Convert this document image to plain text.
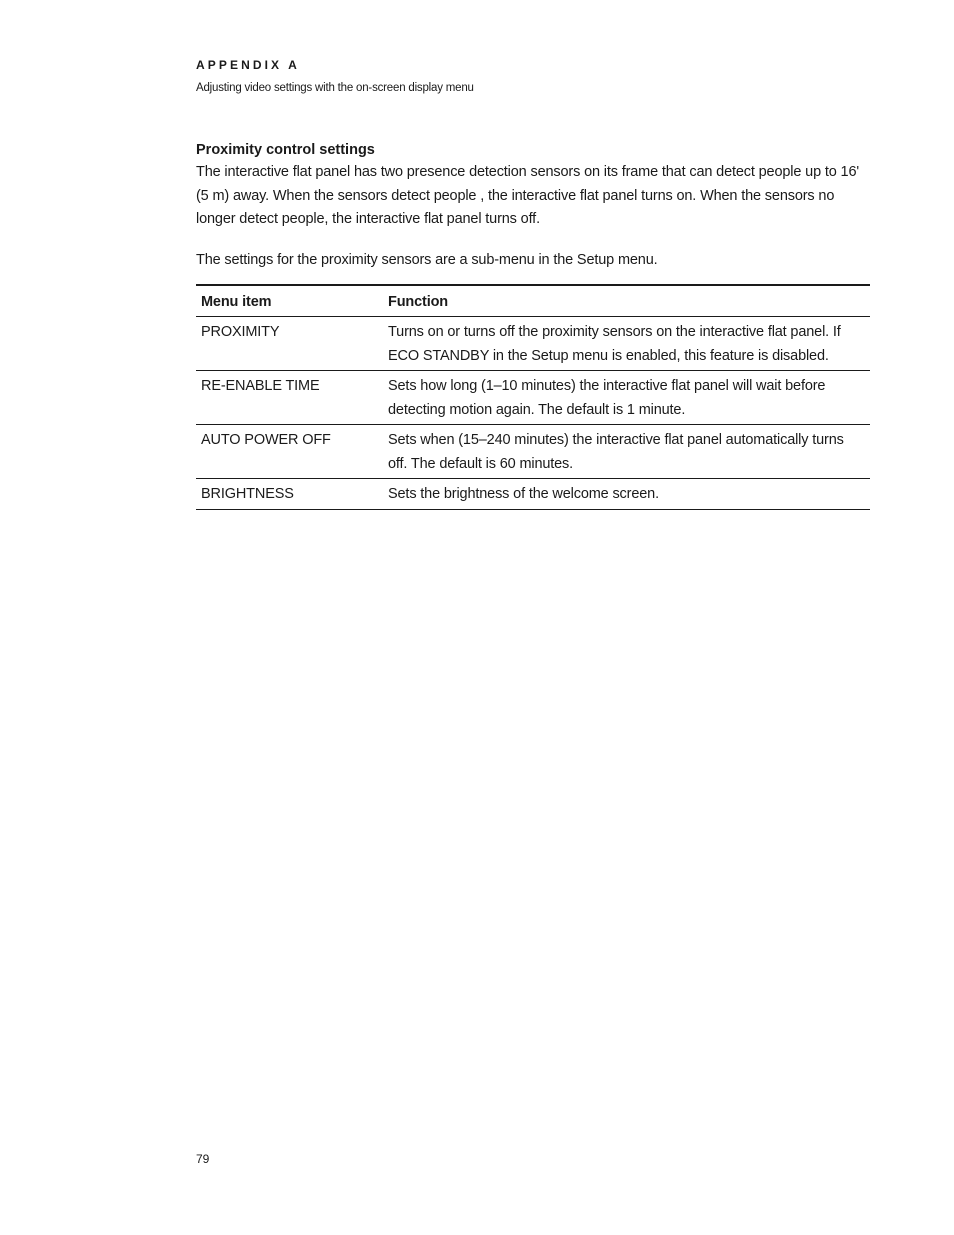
APPENDIX A

Adjusting video settings with the on-screen display menu

Proximity control settings

The interactive flat panel has two presence detection sensors on its frame that can detect people up to 16' (5 m) away. When the sensors detect people , the interactive flat panel turns on. When the sensors no longer detect people, the interactive flat panel turns off.

The settings for the proximity sensors are a sub-menu in the Setup menu.

Menu item	Function
PROXIMITY	Turns on or turns off the proximity sensors on the interactive flat panel. If ECO STANDBY in the Setup menu is enabled, this feature is disabled.
RE-ENABLE TIME	Sets how long (1–10 minutes) the interactive flat panel will wait before detecting motion again. The default is 1 minute.
AUTO POWER OFF	Sets when (15–240 minutes) the interactive flat panel automatically turns off. The default is 60 minutes.
BRIGHTNESS	Sets the brightness of the welcome screen.

79
